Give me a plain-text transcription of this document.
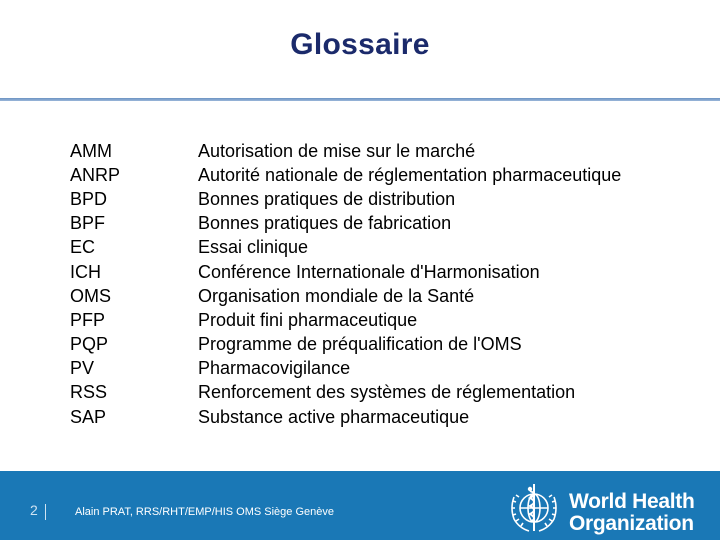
Glossaire
AMM	Autorisation de mise sur le marché
ANRP	Autorité nationale de réglementation pharmaceutique
BPD	Bonnes pratiques de distribution
BPF	Bonnes pratiques de fabrication
EC	Essai clinique
ICH	Conférence Internationale d'Harmonisation
OMS	Organisation mondiale de la Santé
PFP	Produit fini pharmaceutique
PQP	Programme de préqualification de l'OMS
PV	Pharmacovigilance
RSS	Renforcement des systèmes de réglementation
SAP	Substance active pharmaceutique
2	Alain PRAT, RRS/RHT/EMP/HIS OMS Siège Genève	World Health
Organization
